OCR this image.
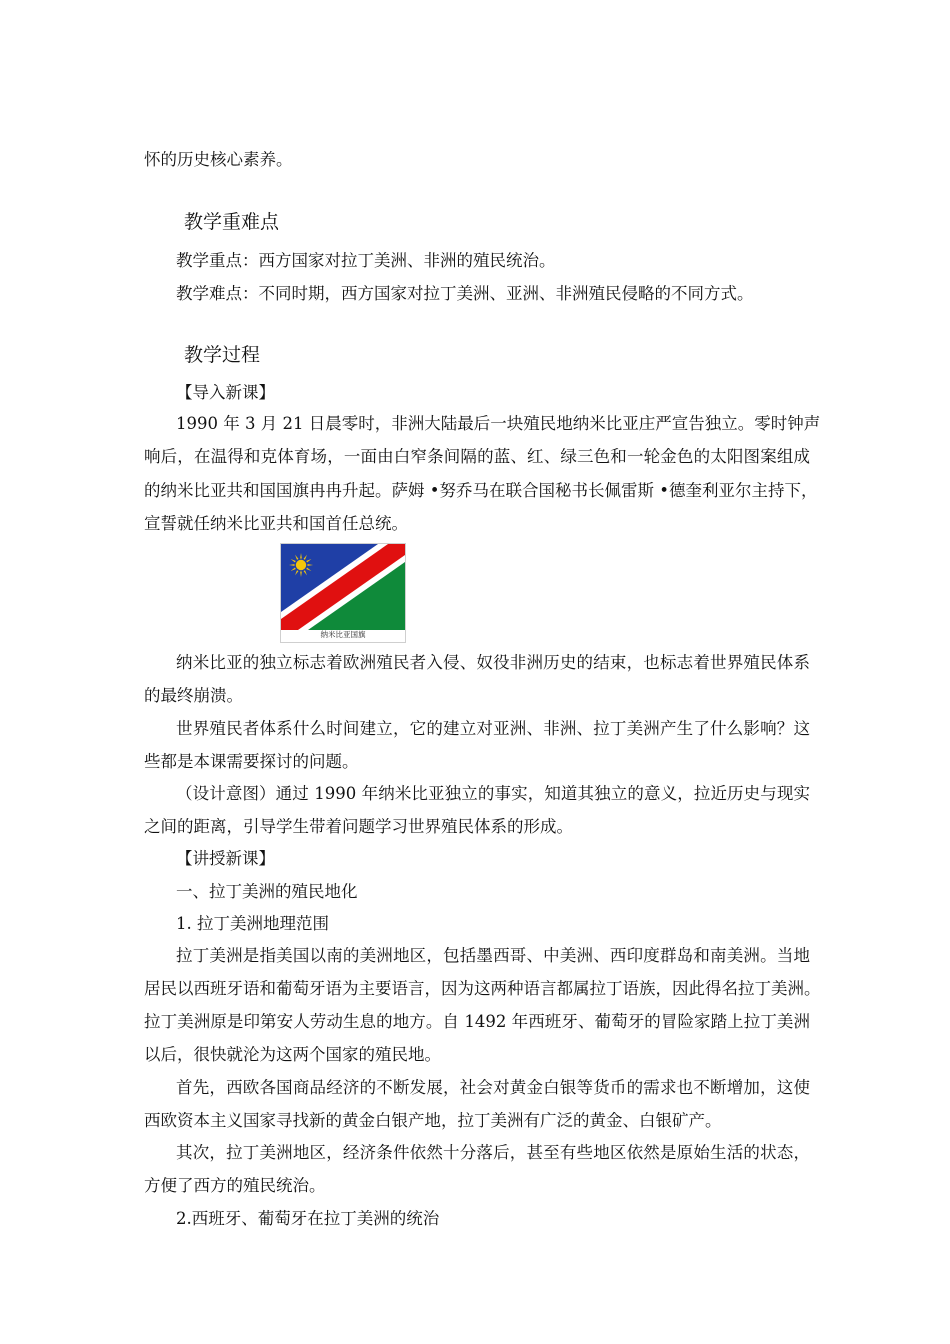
怀的历史核心素养。
教学重难点
教学重点：西方国家对拉丁美洲、非洲的殖民统治。
教学难点：不同时期，西方国家对拉丁美洲、亚洲、非洲殖民侵略的不同方式。
教学过程
【导入新课】
1990 年 3 月 21 日晨零时，非洲大陆最后一块殖民地纳米比亚庄严宣告独立。零时钟声
响后，在温得和克体育场，一面由白窄条间隔的蓝、红、绿三色和一轮金色的太阳图案组成
的纳米比亚共和国国旗冉冉升起。萨姆 •努乔马在联合国秘书长佩雷斯 •德奎利亚尔主持下，
宣誓就任纳米比亚共和国首任总统。
纳米比亚国旗
纳米比亚的独立标志着欧洲殖民者入侵、奴役非洲历史的结束，也标志着世界殖民体系
的最终崩溃。
世界殖民者体系什么时间建立，它的建立对亚洲、非洲、拉丁美洲产生了什么影响？这
些都是本课需要探讨的问题。
（设计意图）通过 1990 年纳米比亚独立的事实，知道其独立的意义，拉近历史与现实
之间的距离，引导学生带着问题学习世界殖民体系的形成。
【讲授新课】
一、拉丁美洲的殖民地化
1. 拉丁美洲地理范围
拉丁美洲是指美国以南的美洲地区，包括墨西哥、中美洲、西印度群岛和南美洲。当地
居民以西班牙语和葡萄牙语为主要语言，因为这两种语言都属拉丁语族，因此得名拉丁美洲。
拉丁美洲原是印第安人劳动生息的地方。自 1492 年西班牙、葡萄牙的冒险家踏上拉丁美洲
以后，很快就沦为这两个国家的殖民地。
首先，西欧各国商品经济的不断发展，社会对黄金白银等货币的需求也不断增加，这使
西欧资本主义国家寻找新的黄金白银产地，拉丁美洲有广泛的黄金、白银矿产。
其次，拉丁美洲地区，经济条件依然十分落后，甚至有些地区依然是原始生活的状态，
方便了西方的殖民统治。
2.西班牙、葡萄牙在拉丁美洲的统治
